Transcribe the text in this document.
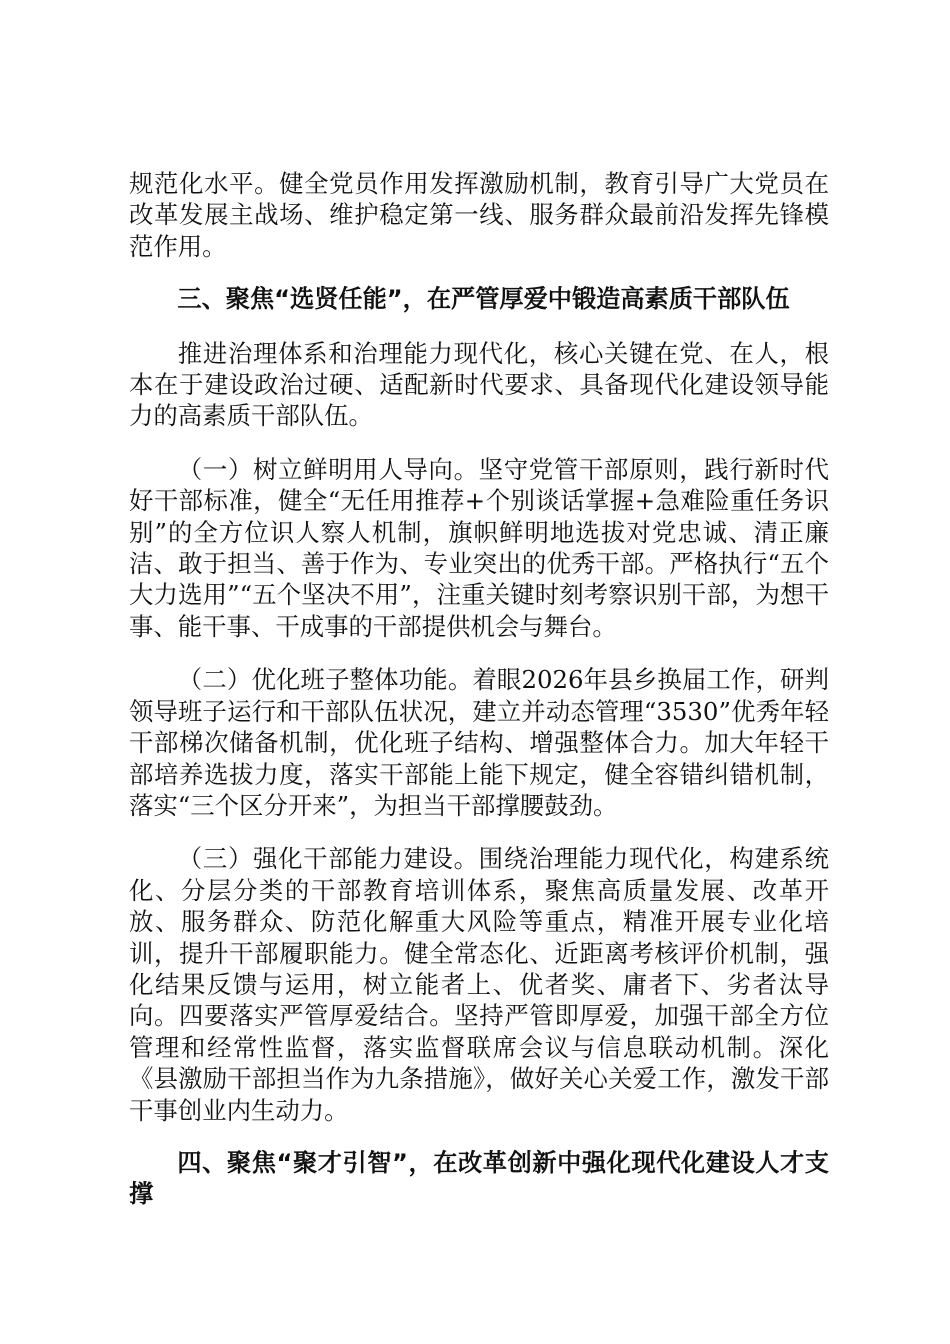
规范化水平。健全党员作用发挥激励机制，教育引导广大党员在改革发展主战场、维护稳定第一线、服务群众最前沿发挥先锋模范作用。

三、聚焦“选贤任能”，在严管厚爱中锻造高素质干部队伍

推进治理体系和治理能力现代化，核心关键在党、在人，根本在于建设政治过硬、适配新时代要求、具备现代化建设领导能力的高素质干部队伍。

（一）树立鲜明用人导向。坚守党管干部原则，践行新时代好干部标准，健全“无任用推荐+个别谈话掌握+急难险重任务识别”的全方位识人察人机制，旗帜鲜明地选拔对党忠诚、清正廉洁、敢于担当、善于作为、专业突出的优秀干部。严格执行“五个大力选用”“五个坚决不用”，注重关键时刻考察识别干部，为想干事、能干事、干成事的干部提供机会与舞台。

（二）优化班子整体功能。着眼2026年县乡换届工作，研判领导班子运行和干部队伍状况，建立并动态管理“3530”优秀年轻干部梯次储备机制，优化班子结构、增强整体合力。加大年轻干部培养选拔力度，落实干部能上能下规定，健全容错纠错机制，落实“三个区分开来”，为担当干部撑腰鼓劲。

（三）强化干部能力建设。围绕治理能力现代化，构建系统化、分层分类的干部教育培训体系，聚焦高质量发展、改革开放、服务群众、防范化解重大风险等重点，精准开展专业化培训，提升干部履职能力。健全常态化、近距离考核评价机制，强化结果反馈与运用，树立能者上、优者奖、庸者下、劣者汰导向。四要落实严管厚爱结合。坚持严管即厚爱，加强干部全方位管理和经常性监督，落实监督联席会议与信息联动机制。深化《县激励干部担当作为九条措施》，做好关心关爱工作，激发干部干事创业内生动力。

四、聚焦“聚才引智”，在改革创新中强化现代化建设人才支撑
